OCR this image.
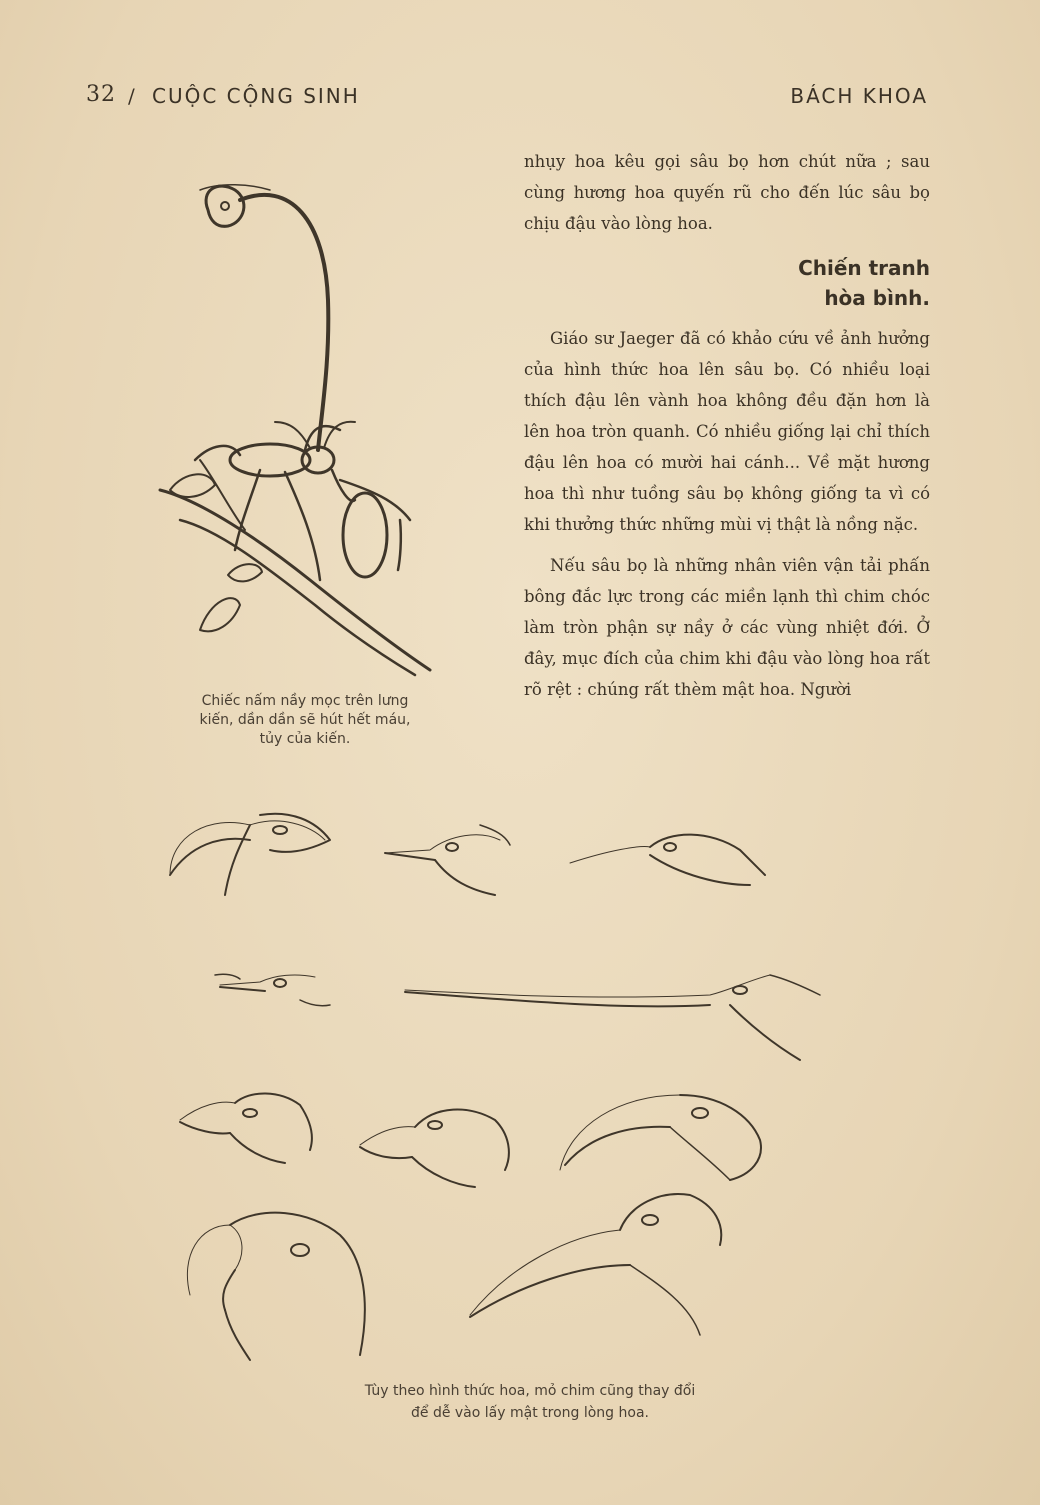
32 / CUỘC CỘNG SINH	BÁCH KHOA

nhụy hoa kêu gọi sâu bọ hơn chút nữa ; sau cùng hương hoa quyến rũ cho đến lúc sâu bọ chịu đậu vào lòng hoa.

Chiến tranh
hòa bình.

Giáo sư Jaeger đã có khảo cứu về ảnh hưởng của hình thức hoa lên sâu bọ. Có nhiều loại thích đậu lên vành hoa không đều đặn hơn là lên hoa tròn quanh. Có nhiều giống lại chỉ thích đậu lên hoa có mười hai cánh... Về mặt hương hoa thì như tuồng sâu bọ không giống ta vì có khi thưởng thức những mùi vị thật là nồng nặc.

Nếu sâu bọ là những nhân viên vận tải phấn bông đắc lực trong các miền lạnh thì chim chóc làm tròn phận sự nầy ở các vùng nhiệt đới. Ở đây, mục đích của chim khi đậu vào lòng hoa rất rõ rệt : chúng rất thèm mật hoa. Người

Chiếc nấm nầy mọc trên lưng
kiến, dần dần sẽ hút hết máu,
tủy của kiến.
Tùy theo hình thức hoa, mỏ chim cũng thay đổi
để dễ vào lấy mật trong lòng hoa.
